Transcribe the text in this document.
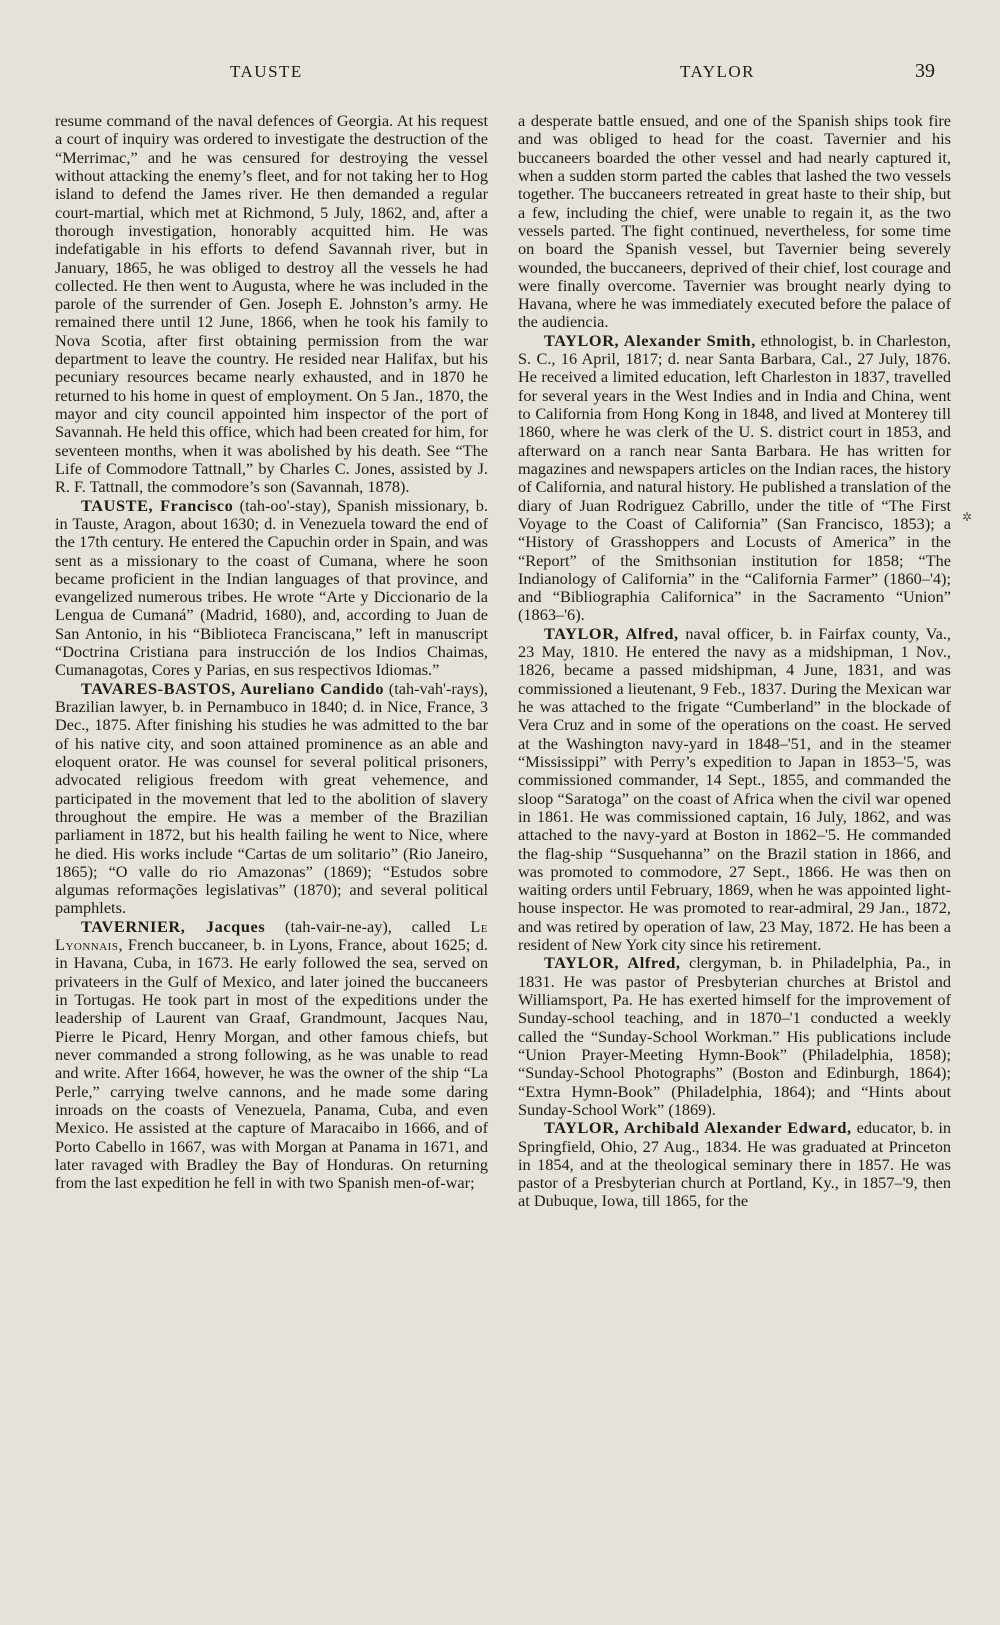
TAUSTE	TAYLOR	39

resume command of the naval defences of Georgia. At his request a court of inquiry was ordered to investigate the destruction of the “Merrimac,” and he was censured for destroying the vessel without attacking the enemy’s fleet, and for not taking her to Hog island to defend the James river. He then demanded a regular court-martial, which met at Richmond, 5 July, 1862, and, after a thorough investigation, honorably acquitted him. He was indefatigable in his efforts to defend Savannah river, but in January, 1865, he was obliged to destroy all the vessels he had collected. He then went to Augusta, where he was included in the parole of the surrender of Gen. Joseph E. Johnston’s army. He remained there until 12 June, 1866, when he took his family to Nova Scotia, after first obtaining permission from the war department to leave the country. He resided near Halifax, but his pecuniary resources became nearly exhausted, and in 1870 he returned to his home in quest of employment. On 5 Jan., 1870, the mayor and city council appointed him inspector of the port of Savannah. He held this office, which had been created for him, for seventeen months, when it was abolished by his death. See “The Life of Commodore Tattnall,” by Charles C. Jones, assisted by J. R. F. Tattnall, the commodore’s son (Savannah, 1878).

TAUSTE, Francisco (tah-oo'-stay), Spanish missionary, b. in Tauste, Aragon, about 1630; d. in Venezuela toward the end of the 17th century. He entered the Capuchin order in Spain, and was sent as a missionary to the coast of Cumana, where he soon became proficient in the Indian languages of that province, and evangelized numerous tribes. He wrote “Arte y Diccionario de la Lengua de Cumaná” (Madrid, 1680), and, according to Juan de San Antonio, in his “Biblioteca Franciscana,” left in manuscript “Doctrina Cristiana para instrucción de los Indios Chaimas, Cumanagotas, Cores y Parias, en sus respectivos Idiomas.”

TAVARES-BASTOS, Aureliano Candido (tah-vah'-rays), Brazilian lawyer, b. in Pernambuco in 1840; d. in Nice, France, 3 Dec., 1875. After finishing his studies he was admitted to the bar of his native city, and soon attained prominence as an able and eloquent orator. He was counsel for several political prisoners, advocated religious freedom with great vehemence, and participated in the movement that led to the abolition of slavery throughout the empire. He was a member of the Brazilian parliament in 1872, but his health failing he went to Nice, where he died. His works include “Cartas de um solitario” (Rio Janeiro, 1865); “O valle do rio Amazonas” (1869); “Estudos sobre algumas reformações legislativas” (1870); and several political pamphlets.

TAVERNIER, Jacques (tah-vair-ne-ay), called Le Lyonnais, French buccaneer, b. in Lyons, France, about 1625; d. in Havana, Cuba, in 1673. He early followed the sea, served on privateers in the Gulf of Mexico, and later joined the buccaneers in Tortugas. He took part in most of the expeditions under the leadership of Laurent van Graaf, Grandmount, Jacques Nau, Pierre le Picard, Henry Morgan, and other famous chiefs, but never commanded a strong following, as he was unable to read and write. After 1664, however, he was the owner of the ship “La Perle,” carrying twelve cannons, and he made some daring inroads on the coasts of Venezuela, Panama, Cuba, and even Mexico. He assisted at the capture of Maracaibo in 1666, and of Porto Cabello in 1667, was with Morgan at Panama in 1671, and later ravaged with Bradley the Bay of Honduras. On returning from the last expedition he fell in with two Spanish men-of-war;

a desperate battle ensued, and one of the Spanish ships took fire and was obliged to head for the coast. Tavernier and his buccaneers boarded the other vessel and had nearly captured it, when a sudden storm parted the cables that lashed the two vessels together. The buccaneers retreated in great haste to their ship, but a few, including the chief, were unable to regain it, as the two vessels parted. The fight continued, nevertheless, for some time on board the Spanish vessel, but Tavernier being severely wounded, the buccaneers, deprived of their chief, lost courage and were finally overcome. Tavernier was brought nearly dying to Havana, where he was immediately executed before the palace of the audiencia.

TAYLOR, Alexander Smith, ethnologist, b. in Charleston, S. C., 16 April, 1817; d. near Santa Barbara, Cal., 27 July, 1876. He received a limited education, left Charleston in 1837, travelled for several years in the West Indies and in India and China, went to California from Hong Kong in 1848, and lived at Monterey till 1860, where he was clerk of the U. S. district court in 1853, and afterward on a ranch near Santa Barbara. He has written for magazines and newspapers articles on the Indian races, the history of California, and natural history. He published a translation of the diary of Juan Rodriguez Cabrillo, under the title of “The First Voyage to the Coast of California” (San Francisco, 1853); a “History of Grasshoppers and Locusts of America” in the “Report” of the Smithsonian institution for 1858; “The Indianology of California” in the “California Farmer” (1860–'4); and “Bibliographia Californica” in the Sacramento “Union” (1863–'6).

TAYLOR, Alfred, naval officer, b. in Fairfax county, Va., 23 May, 1810. He entered the navy as a midshipman, 1 Nov., 1826, became a passed midshipman, 4 June, 1831, and was commissioned a lieutenant, 9 Feb., 1837. During the Mexican war he was attached to the frigate “Cumberland” in the blockade of Vera Cruz and in some of the operations on the coast. He served at the Washington navy-yard in 1848–'51, and in the steamer “Mississippi” with Perry’s expedition to Japan in 1853–'5, was commissioned commander, 14 Sept., 1855, and commanded the sloop “Saratoga” on the coast of Africa when the civil war opened in 1861. He was commissioned captain, 16 July, 1862, and was attached to the navy-yard at Boston in 1862–'5. He commanded the flag-ship “Susquehanna” on the Brazil station in 1866, and was promoted to commodore, 27 Sept., 1866. He was then on waiting orders until February, 1869, when he was appointed light-house inspector. He was promoted to rear-admiral, 29 Jan., 1872, and was retired by operation of law, 23 May, 1872. He has been a resident of New York city since his retirement.

TAYLOR, Alfred, clergyman, b. in Philadelphia, Pa., in 1831. He was pastor of Presbyterian churches at Bristol and Williamsport, Pa. He has exerted himself for the improvement of Sunday-school teaching, and in 1870–'1 conducted a weekly called the “Sunday-School Workman.” His publications include “Union Prayer-Meeting Hymn-Book” (Philadelphia, 1858); “Sunday-School Photographs” (Boston and Edinburgh, 1864); “Extra Hymn-Book” (Philadelphia, 1864); and “Hints about Sunday-School Work” (1869).

TAYLOR, Archibald Alexander Edward, educator, b. in Springfield, Ohio, 27 Aug., 1834. He was graduated at Princeton in 1854, and at the theological seminary there in 1857. He was pastor of a Presbyterian church at Portland, Ky., in 1857–'9, then at Dubuque, Iowa, till 1865, for the

✲
